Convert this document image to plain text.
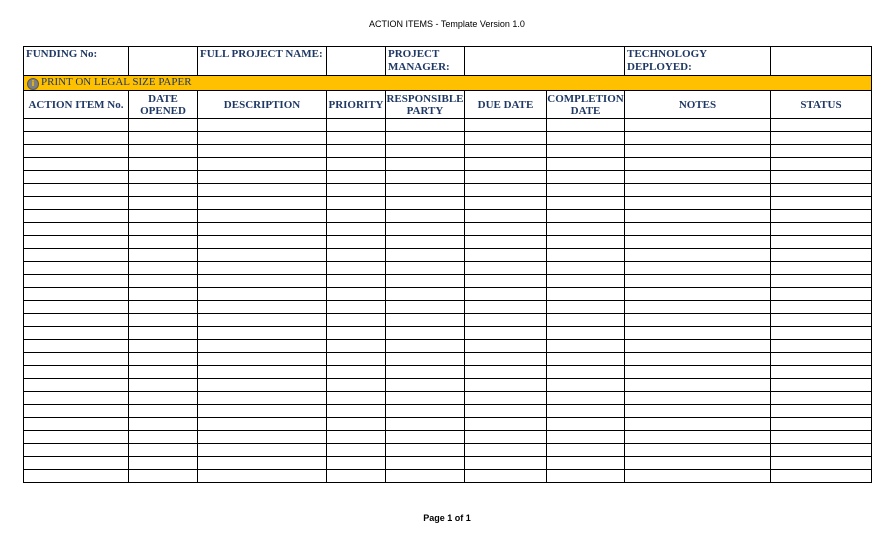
ACTION ITEMS - Template Version 1.0
FUNDING No:		FULL PROJECT NAME:		PROJECT MANAGER:			TECHNOLOGY DEPLOYED:	
i PRINT ON LEGAL SIZE PAPER								
ACTION ITEM No.	DATE OPENED	DESCRIPTION	PRIORITY	RESPONSIBLE PARTY	DUE DATE	COMPLETION DATE	NOTES	STATUS

Page 1 of 1
